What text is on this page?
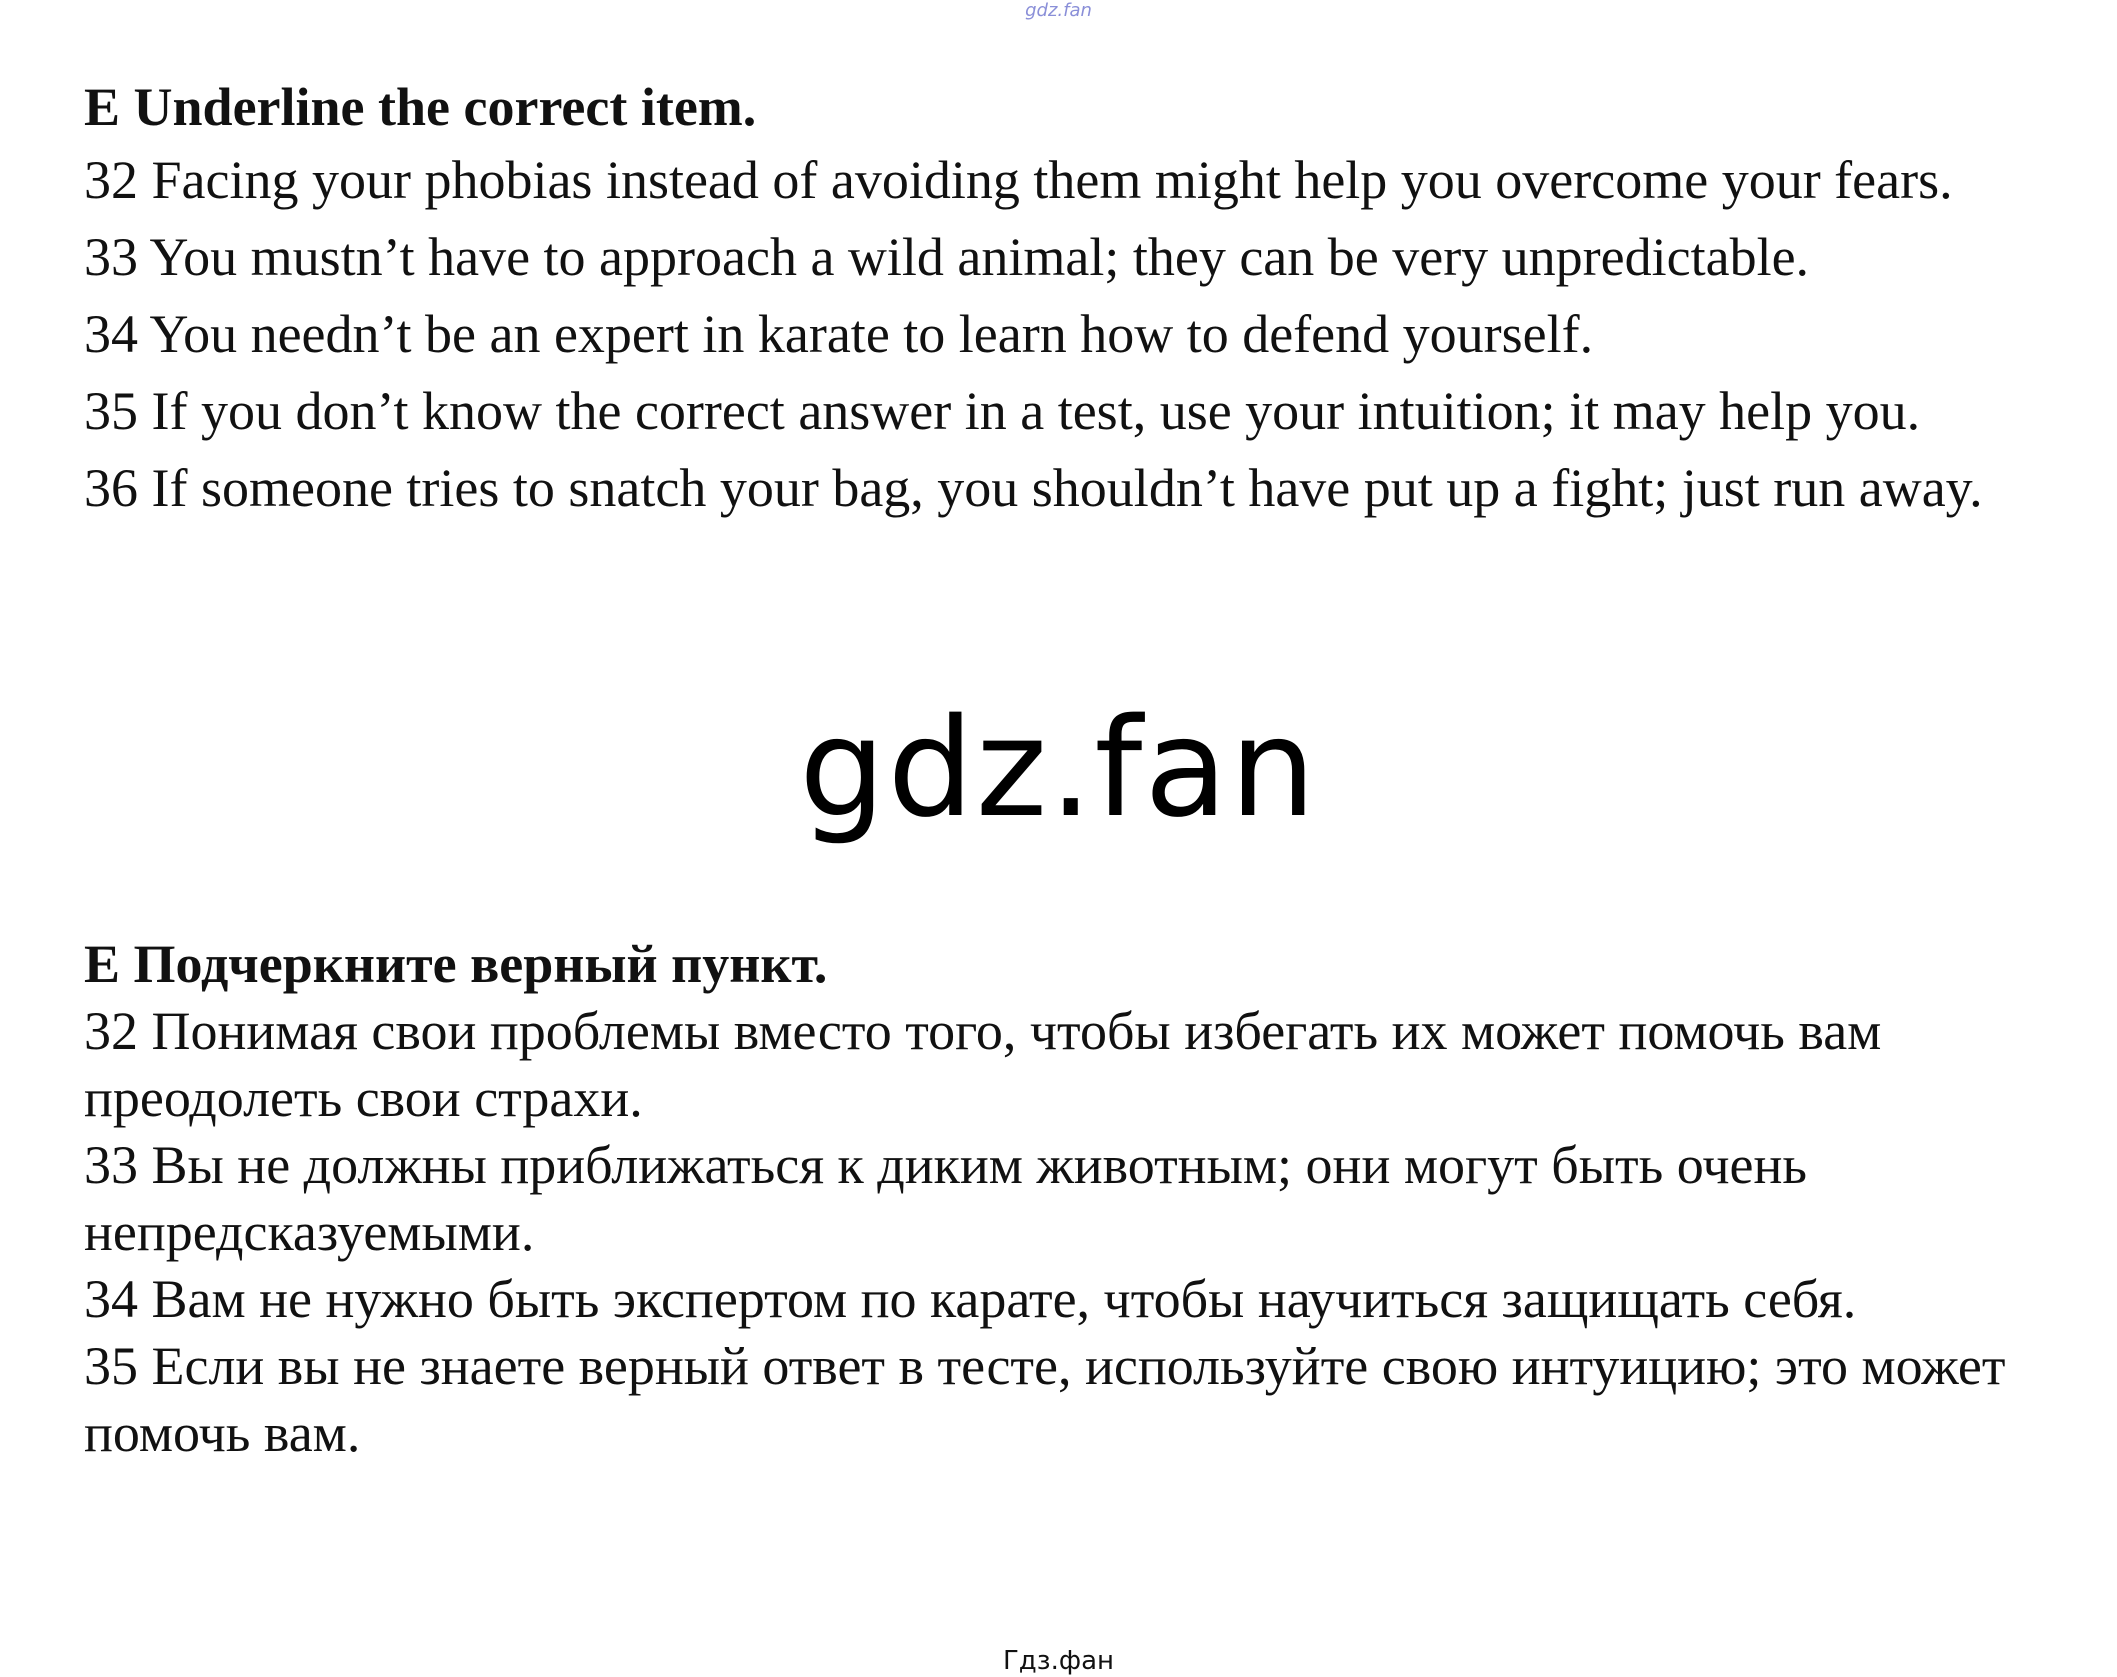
gdz.fan

E Underline the correct item.

32 Facing your phobias instead of avoiding them might help you overcome your fears.

33 You mustn’t have to approach a wild animal; they can be very unpredictable.

34 You needn’t be an expert in karate to learn how to defend yourself.

35 If you don’t know the correct answer in a test, use your intuition; it may help you.

36 If someone tries to snatch your bag, you shouldn’t have put up a fight; just run away.

gdz.fan

E Подчеркните верный пункт.

32 Понимая свои проблемы вместо того, чтобы избегать их может помочь вам преодолеть свои страхи.

33 Вы не должны приближаться к диким животным; они могут быть очень непредсказуемыми.

34 Вам не нужно быть экспертом по карате, чтобы научиться защищать себя.

35 Если вы не знаете верный ответ в тесте, используйте свою интуицию; это может помочь вам.

Гдз.фан
